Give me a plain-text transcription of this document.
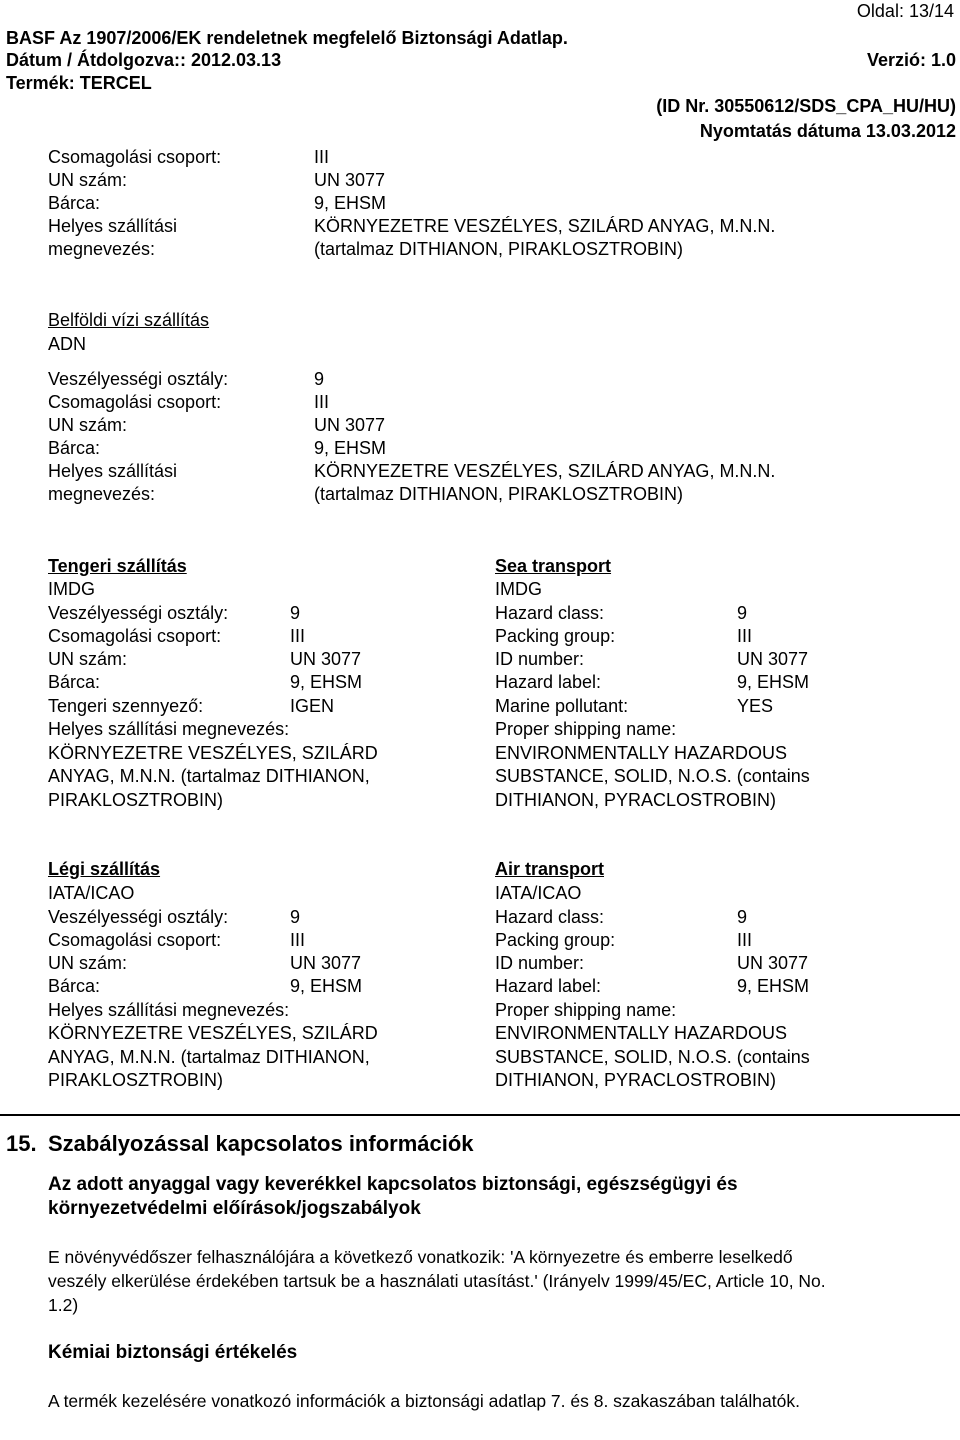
Oldal: 13/14
BASF Az 1907/2006/EK rendeletnek megfelelő Biztonsági Adatlap.
Dátum / Átdolgozva:: 2012.03.13	Verzió: 1.0
Termék: TERCEL
(ID Nr. 30550612/SDS_CPA_HU/HU)
Nyomtatás dátuma 13.03.2012
Csomagolási csoport:	III
UN szám:	UN 3077
Bárca:	9, EHSM
Helyes szállítási	KÖRNYEZETRE VESZÉLYES, SZILÁRD ANYAG, M.N.N.
megnevezés:	(tartalmaz DITHIANON, PIRAKLOSZTROBIN)
Belföldi vízi szállítás
ADN
Veszélyességi osztály:	9
Csomagolási csoport:	III
UN szám:	UN 3077
Bárca:	9, EHSM
Helyes szállítási	KÖRNYEZETRE VESZÉLYES, SZILÁRD ANYAG, M.N.N.
megnevezés:	(tartalmaz DITHIANON, PIRAKLOSZTROBIN)
Tengeri szállítás
IMDG
Veszélyességi osztály:	9
Csomagolási csoport:	III
UN szám:	UN 3077
Bárca:	9, EHSM
Tengeri szennyező:	IGEN
Helyes szállítási megnevezés:
KÖRNYEZETRE VESZÉLYES, SZILÁRD
ANYAG, M.N.N. (tartalmaz DITHIANON,
PIRAKLOSZTROBIN)
Sea transport
IMDG
Hazard class:	9
Packing group:	III
ID number:	UN 3077
Hazard label:	9, EHSM
Marine pollutant:	YES
Proper shipping name:
ENVIRONMENTALLY HAZARDOUS
SUBSTANCE, SOLID, N.O.S. (contains
DITHIANON, PYRACLOSTROBIN)
Légi szállítás
IATA/ICAO
Veszélyességi osztály:	9
Csomagolási csoport:	III
UN szám:	UN 3077
Bárca:	9, EHSM
Helyes szállítási megnevezés:
KÖRNYEZETRE VESZÉLYES, SZILÁRD
ANYAG, M.N.N. (tartalmaz DITHIANON,
PIRAKLOSZTROBIN)
Air transport
IATA/ICAO
Hazard class:	9
Packing group:	III
ID number:	UN 3077
Hazard label:	9, EHSM
Proper shipping name:
ENVIRONMENTALLY HAZARDOUS
SUBSTANCE, SOLID, N.O.S. (contains
DITHIANON, PYRACLOSTROBIN)
15. Szabályozással kapcsolatos információk
Az adott anyaggal vagy keverékkel kapcsolatos biztonsági, egészségügyi és
környezetvédelmi előírások/jogszabályok
E növényvédőszer felhasználójára a következő vonatkozik: 'A környezetre és emberre leselkedő
veszély elkerülése érdekében tartsuk be a használati utasítást.' (Irányelv 1999/45/EC, Article 10, No.
1.2)
Kémiai biztonsági értékelés
A termék kezelésére vonatkozó információk a biztonsági adatlap 7. és 8. szakaszában találhatók.
